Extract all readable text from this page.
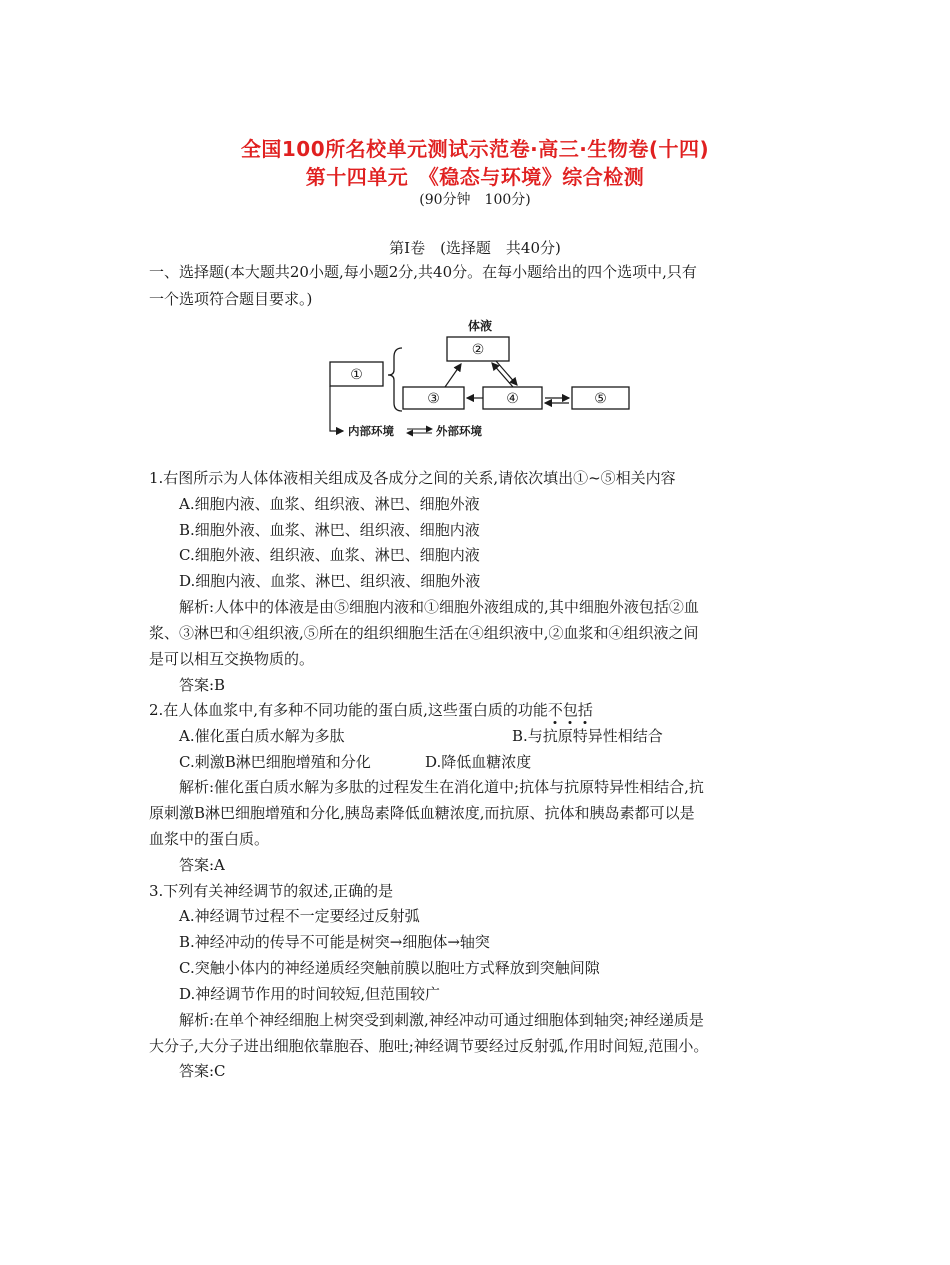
全国100所名校单元测试示范卷·高三·生物卷(十四)
第十四单元　《稳态与环境》综合检测
(90分钟　100分)
第Ⅰ卷　(选择题　共40分)
一、选择题(本大题共20小题,每小题2分,共40分。在每小题给出的四个选项中,只有
一个选项符合题目要求。)
体液
①
②
③	④	⑤
内部环境	外部环境
1.右图所示为人体体液相关组成及各成分之间的关系,请依次填出①~⑤相关内容
A.细胞内液、血浆、组织液、淋巴、细胞外液
B.细胞外液、血浆、淋巴、组织液、细胞内液
C.细胞外液、组织液、血浆、淋巴、细胞内液
D.细胞内液、血浆、淋巴、组织液、细胞外液
解析:人体中的体液是由⑤细胞内液和①细胞外液组成的,其中细胞外液包括②血
浆、③淋巴和④组织液,⑤所在的组织细胞生活在④组织液中,②血浆和④组织液之间
是可以相互交换物质的。
答案:B
2.在人体血浆中,有多种不同功能的蛋白质,这些蛋白质的功能不包括
A.催化蛋白质水解为多肽	B.与抗原特异性相结合
C.刺激B淋巴细胞增殖和分化	D.降低血糖浓度
解析:催化蛋白质水解为多肽的过程发生在消化道中;抗体与抗原特异性相结合,抗
原刺激B淋巴细胞增殖和分化,胰岛素降低血糖浓度,而抗原、抗体和胰岛素都可以是
血浆中的蛋白质。
答案:A
3.下列有关神经调节的叙述,正确的是
A.神经调节过程不一定要经过反射弧
B.神经冲动的传导不可能是树突→细胞体→轴突
C.突触小体内的神经递质经突触前膜以胞吐方式释放到突触间隙
D.神经调节作用的时间较短,但范围较广
解析:在单个神经细胞上树突受到刺激,神经冲动可通过细胞体到轴突;神经递质是
大分子,大分子进出细胞依靠胞吞、胞吐;神经调节要经过反射弧,作用时间短,范围小。
答案:C
